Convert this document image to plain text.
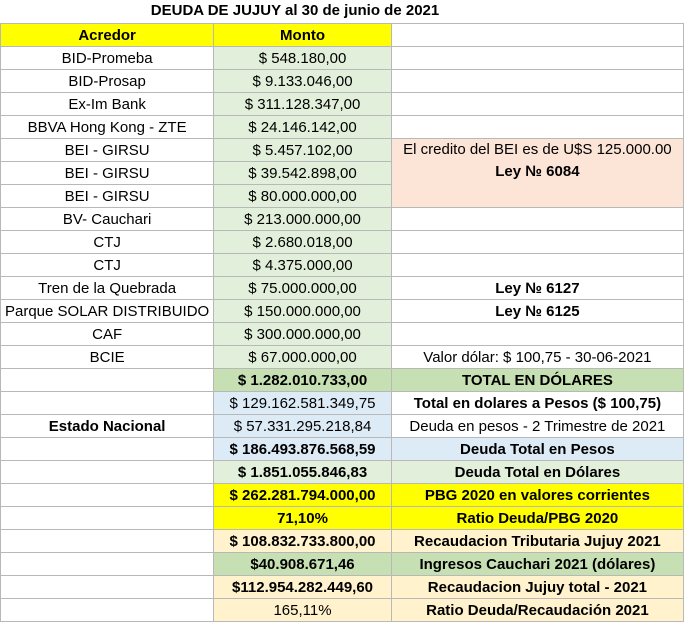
DEUDA DE JUJUY al 30 de junio de 2021
Acredor	Monto	
BID-Promeba	$ 548.180,00	
BID-Prosap	$ 9.133.046,00	
Ex-Im Bank	$ 311.128.347,00	
BBVA Hong Kong - ZTE	$ 24.146.142,00	
BEI - GIRSU	$ 5.457.102,00	El credito del BEI es de U$S 125.000.00
Ley № 6084

BEI - GIRSU	$ 39.542.898,00	
BEI - GIRSU	$ 80.000.000,00	
BV- Cauchari	$ 213.000.000,00	
CTJ	$ 2.680.018,00	
CTJ	$ 4.375.000,00	
Tren de la Quebrada	$ 75.000.000,00	Ley № 6127
Parque SOLAR DISTRIBUIDO	$ 150.000.000,00	Ley № 6125
CAF	$ 300.000.000,00	
BCIE	$ 67.000.000,00	Valor dólar: $ 100,75 - 30-06-2021
	$ 1.282.010.733,00	TOTAL EN DÓLARES
	$ 129.162.581.349,75	Total en dolares a Pesos ($ 100,75)
Estado Nacional	$ 57.331.295.218,84	Deuda en pesos - 2 Trimestre de 2021
	$ 186.493.876.568,59	Deuda Total en Pesos
	$ 1.851.055.846,83	Deuda Total en Dólares
	$ 262.281.794.000,00	PBG 2020 en valores corrientes
	71,10%	Ratio Deuda/PBG 2020
	$ 108.832.733.800,00	Recaudacion Tributaria Jujuy 2021
	$40.908.671,46	Ingresos Cauchari 2021 (dólares)
	$112.954.282.449,60	Recaudacion Jujuy total - 2021
	165,11%	Ratio Deuda/Recaudación 2021
